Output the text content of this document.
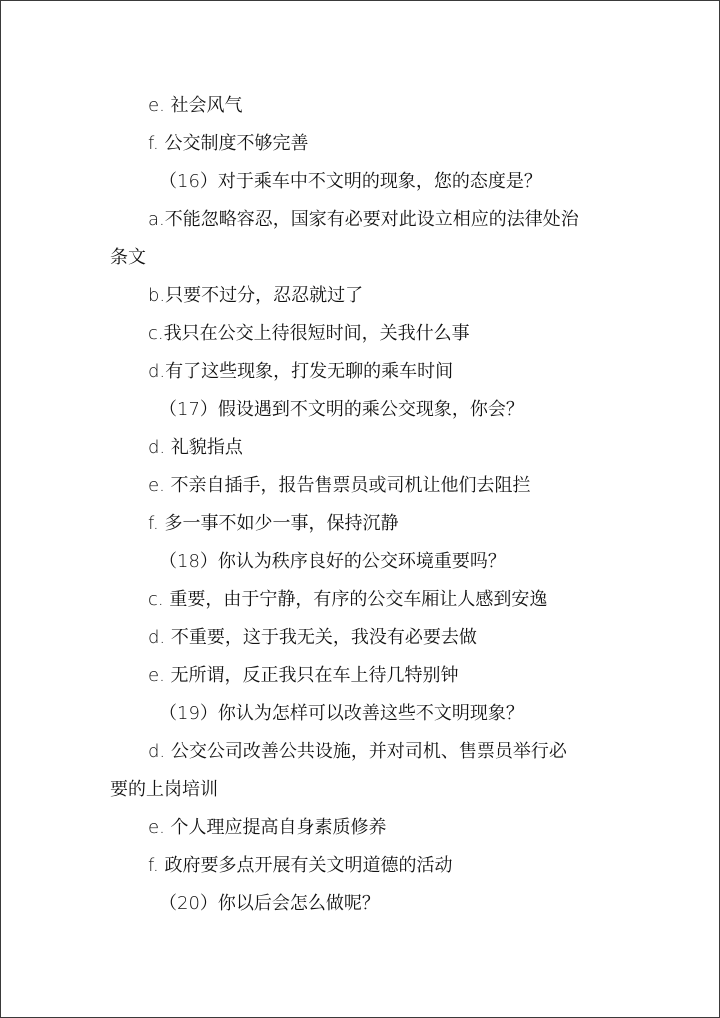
e. 社会风气
f. 公交制度不够完善
（16）对于乘车中不文明的现象，您的态度是？
a.不能忽略容忍，国家有必要对此设立相应的法律处治
条文
b.只要不过分，忍忍就过了
c.我只在公交上待很短时间，关我什么事
d.有了这些现象，打发无聊的乘车时间
（17）假设遇到不文明的乘公交现象，你会？
d. 礼貌指点
e. 不亲自插手，报告售票员或司机让他们去阻拦
f. 多一事不如少一事，保持沉静
（18）你认为秩序良好的公交环境重要吗？
c. 重要，由于宁静，有序的公交车厢让人感到安逸
d. 不重要，这于我无关，我没有必要去做
e. 无所谓，反正我只在车上待几特别钟
（19）你认为怎样可以改善这些不文明现象？
d. 公交公司改善公共设施，并对司机、售票员举行必
要的上岗培训
e. 个人理应提高自身素质修养
f. 政府要多点开展有关文明道德的活动
（20）你以后会怎么做呢？
